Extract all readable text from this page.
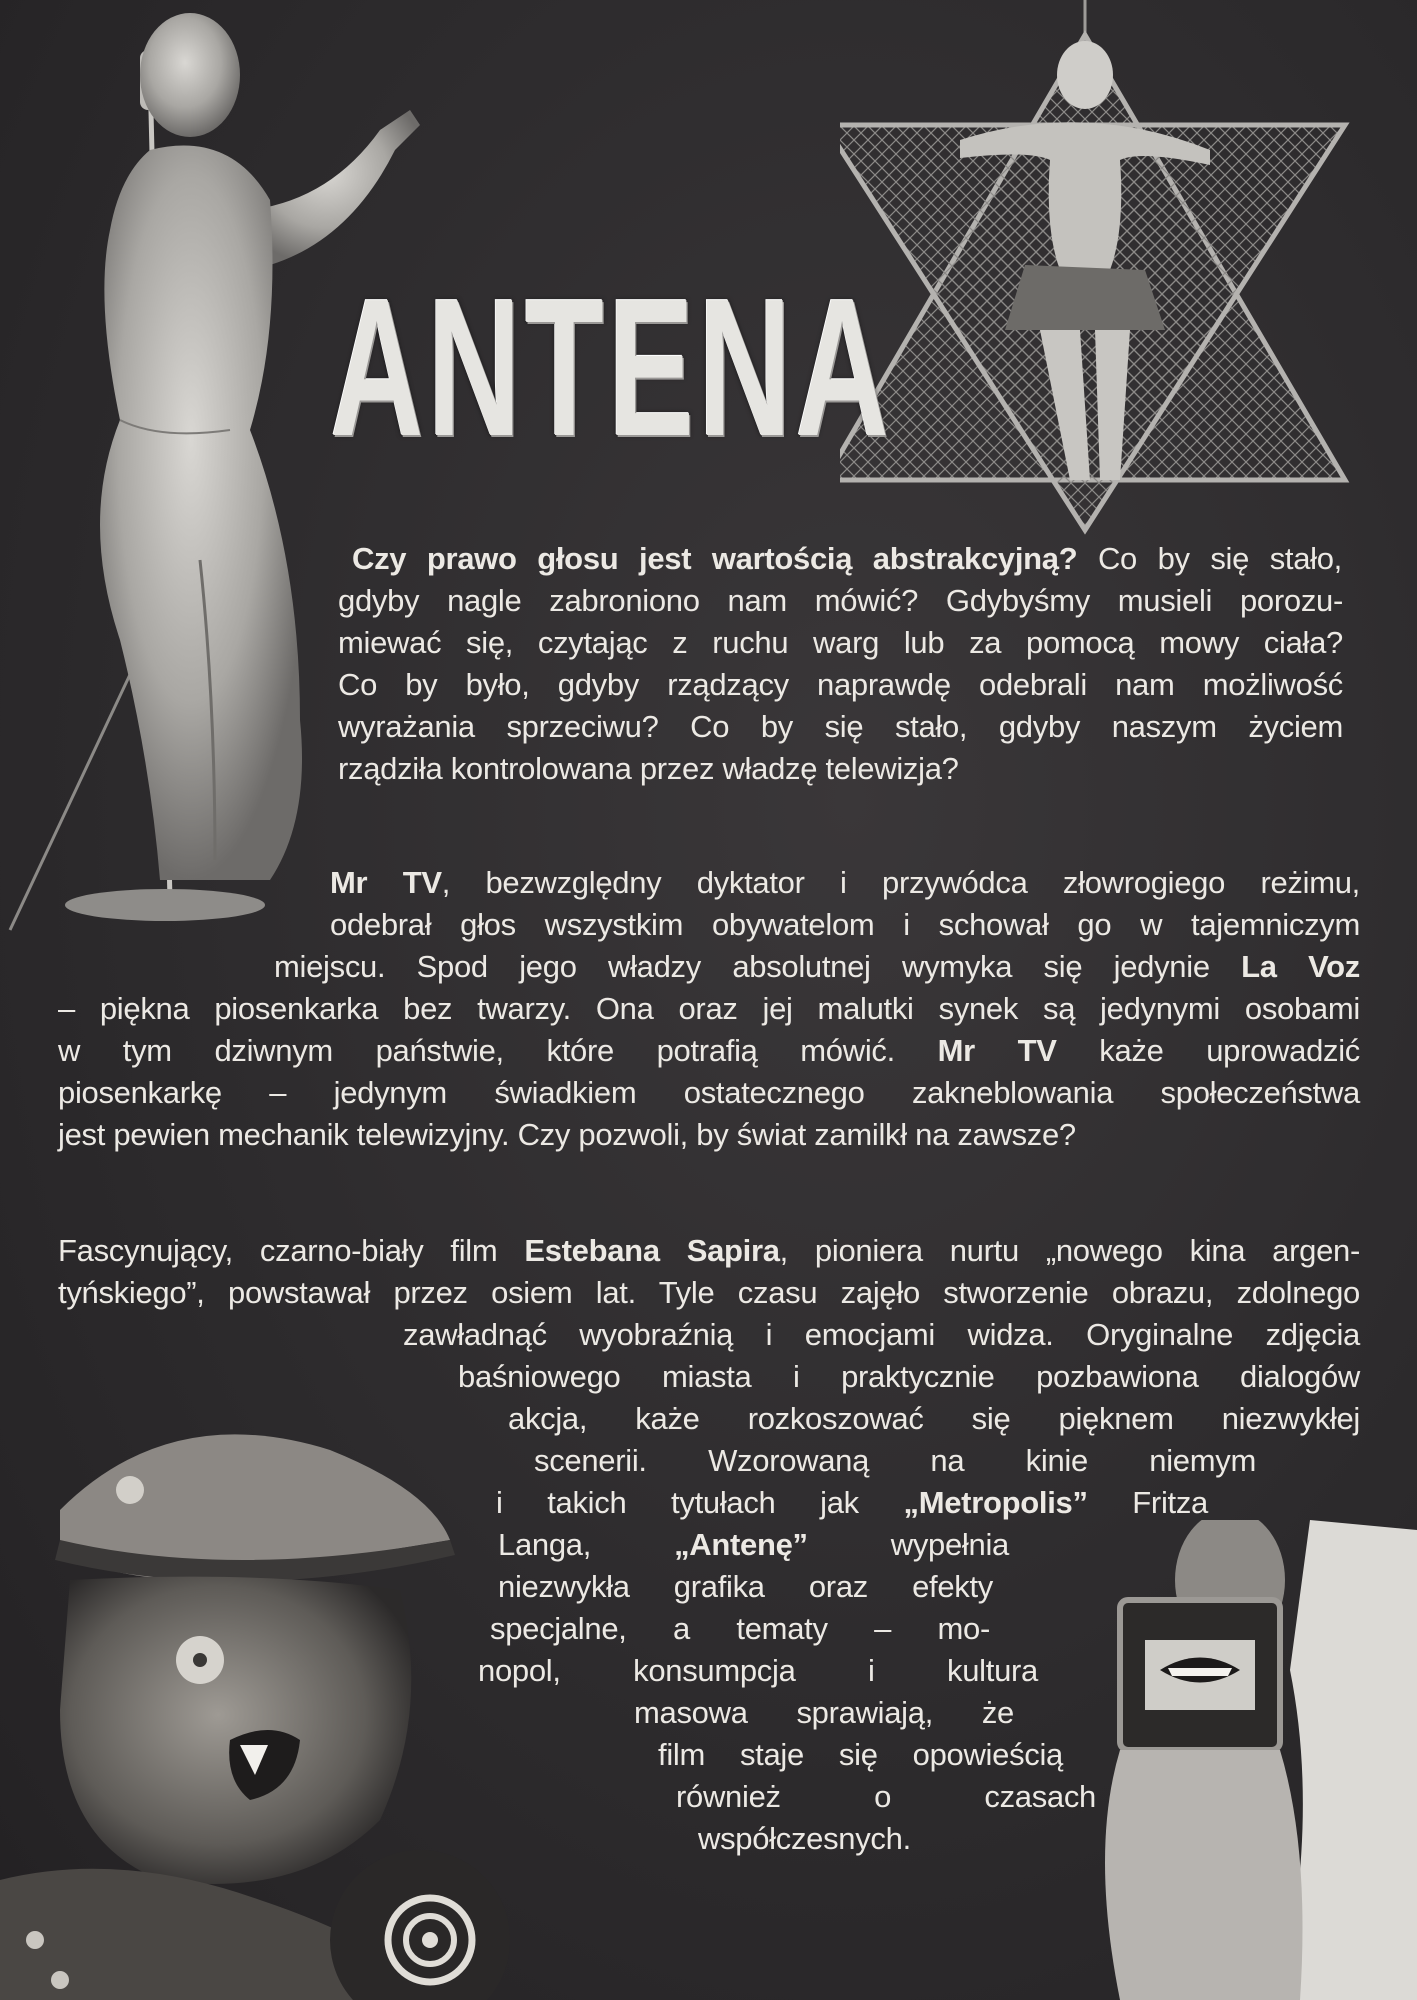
ANTENA
Czy prawo głosu jest wartością abstrakcyjną? Co by się stało,
gdyby nagle zabroniono nam mówić? Gdybyśmy musieli porozu-
miewać się, czytając z ruchu warg lub za pomocą mowy ciała?
Co by było, gdyby rządzący naprawdę odebrali nam możliwość
wyrażania sprzeciwu? Co by się stało, gdyby naszym życiem
rządziła kontrolowana przez władzę telewizja?
Mr TV, bezwzględny dyktator i przywódca złowrogiego reżimu,
odebrał głos wszystkim obywatelom i schował go w tajemniczym
miejscu. Spod jego władzy absolutnej wymyka się jedynie La Voz
– piękna piosenkarka bez twarzy. Ona oraz jej malutki synek są jedynymi osobami
w tym dziwnym państwie, które potrafią mówić. Mr TV każe uprowadzić
piosenkarkę – jedynym świadkiem ostatecznego zakneblowania społeczeństwa
jest pewien mechanik telewizyjny. Czy pozwoli, by świat zamilkł na zawsze?
Fascynujący, czarno-biały film Estebana Sapira, pioniera nurtu „nowego kina argen-
tyńskiego”, powstawał przez osiem lat. Tyle czasu zajęło stworzenie obrazu, zdolnego
zawładnąć wyobraźnią i emocjami widza. Oryginalne zdjęcia
baśniowego miasta i praktycznie pozbawiona dialogów
akcja, każe rozkoszować się pięknem niezwykłej
scenerii. Wzorowaną na kinie niemym
i takich tytułach jak „Metropolis” Fritza
Langa, „Antenę” wypełnia
niezwykła grafika oraz efekty
specjalne, a tematy – mo-
nopol, konsumpcja i kultura
masowa sprawiają, że
film staje się opowieścią
również o czasach
współczesnych.
